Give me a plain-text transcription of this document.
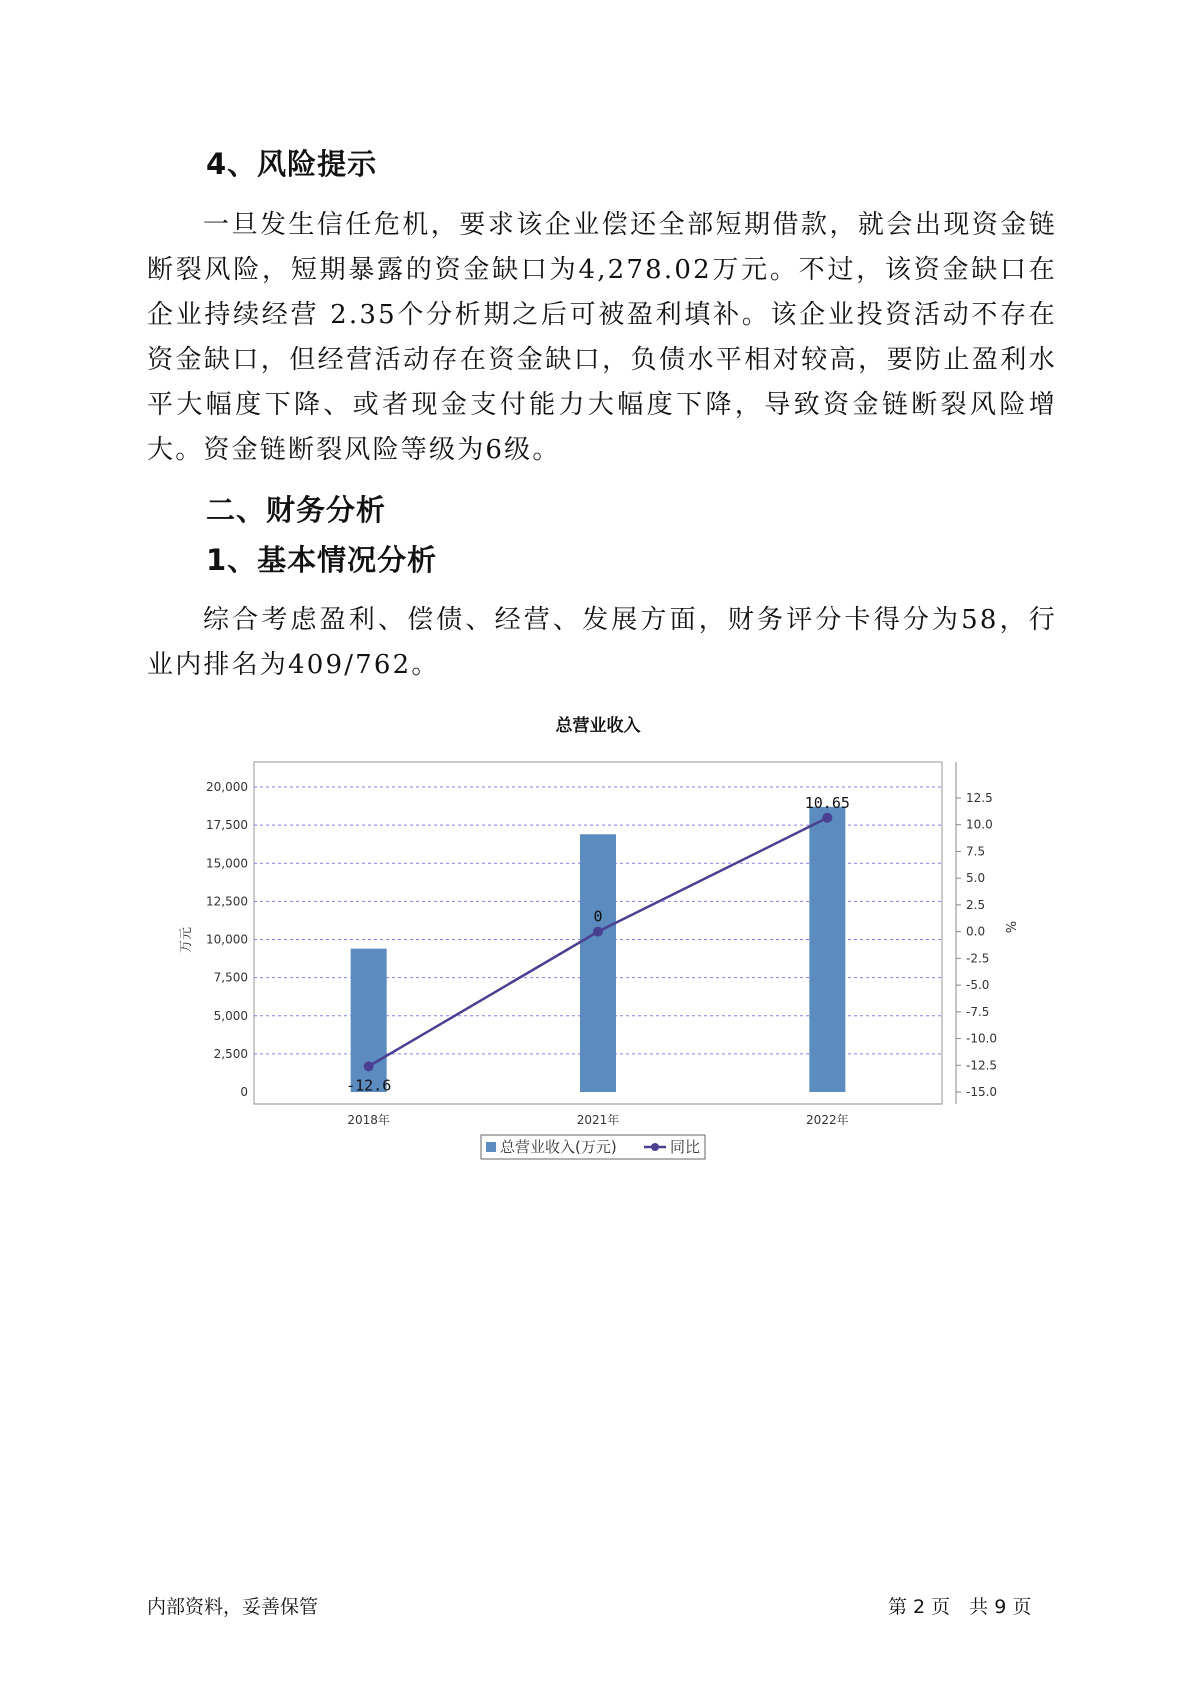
4、风险提示

一旦发生信任危机，要求该企业偿还全部短期借款，就会出现资金链断裂风险，短期暴露的资金缺口为4,278.02万元。不过，该资金缺口在企业持续经营 2.35个分析期之后可被盈利填补。该企业投资活动不存在资金缺口，但经营活动存在资金缺口，负债水平相对较高，要防止盈利水平大幅度下降、或者现金支付能力大幅度下降，导致资金链断裂风险增大。资金链断裂风险等级为6级。

二、财务分析
1、基本情况分析

综合考虑盈利、偿债、经营、发展方面，财务评分卡得分为58，行业内排名为409/762。

总营业收入
0
2,500
5,000
7,500
10,000
12,500
15,000
17,500
20,000
万元
-15.0
-12.5
-10.0
-7.5
-5.0
-2.5
0.0
2.5
5.0
7.5
10.0
12.5
%
2018年	2021年	2022年
-12.6
0
10.65
总营业收入(万元)	同比
内部资料，妥善保管	第 2 页　共 9 页
